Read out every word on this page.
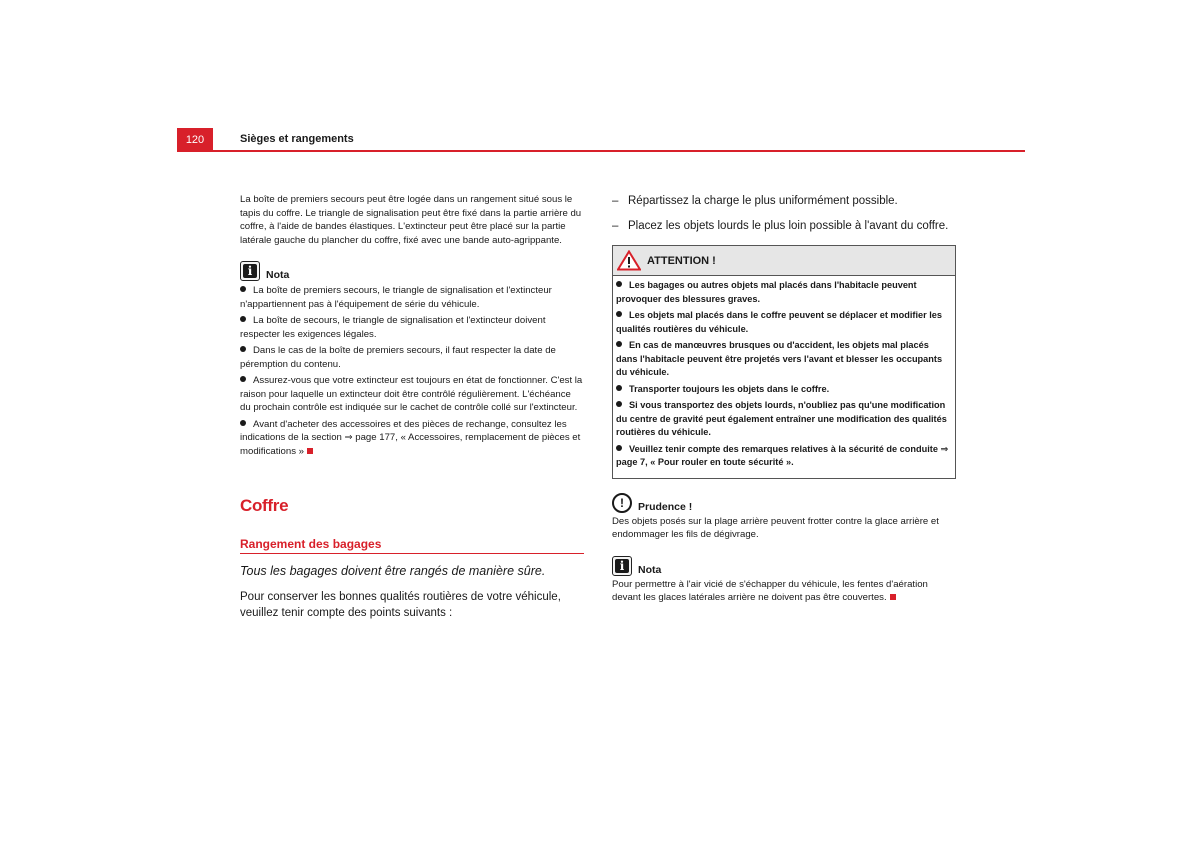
120	Sièges et rangements

La boîte de premiers secours peut être logée dans un rangement situé sous le tapis du coffre. Le triangle de signalisation peut être fixé dans la partie arrière du coffre, à l'aide de bandes élastiques. L'extincteur peut être placé sur la partie latérale gauche du plancher du coffre, fixé avec une bande auto-agrippante.

i	Nota
La boîte de premiers secours, le triangle de signalisation et l'extincteur n'appartiennent pas à l'équipement de série du véhicule.
La boîte de secours, le triangle de signalisation et l'extincteur doivent respecter les exigences légales.
Dans le cas de la boîte de premiers secours, il faut respecter la date de péremption du contenu.
Assurez-vous que votre extincteur est toujours en état de fonctionner. C'est la raison pour laquelle un extincteur doit être contrôlé régulièrement. L'échéance du prochain contrôle est indiquée sur le cachet de contrôle collé sur l'extincteur.
Avant d'acheter des accessoires et des pièces de rechange, consultez les indications de la section ⇒ page 177, « Accessoires, remplacement de pièces et modifications »
Coffre
Rangement des bagages

Tous les bagages doivent être rangés de manière sûre.

Pour conserver les bonnes qualités routières de votre véhicule, veuillez tenir compte des points suivants :

– Répartissez la charge le plus uniformément possible.
– Placez les objets lourds le plus loin possible à l'avant du coffre.
ATTENTION !
Les bagages ou autres objets mal placés dans l'habitacle peuvent provoquer des blessures graves.
Les objets mal placés dans le coffre peuvent se déplacer et modifier les qualités routières du véhicule.
En cas de manœuvres brusques ou d'accident, les objets mal placés dans l'habitacle peuvent être projetés vers l'avant et blesser les occupants du véhicule.
Transporter toujours les objets dans le coffre.
Si vous transportez des objets lourds, n'oubliez pas qu'une modification du centre de gravité peut également entraîner une modification des qualités routières du véhicule.
Veuillez tenir compte des remarques relatives à la sécurité de conduite ⇒ page 7, « Pour rouler en toute sécurité ».
!	Prudence !

Des objets posés sur la plage arrière peuvent frotter contre la glace arrière et endommager les fils de dégivrage.

i	Nota

Pour permettre à l'air vicié de s'échapper du véhicule, les fentes d'aération devant les glaces latérales arrière ne doivent pas être couvertes.
